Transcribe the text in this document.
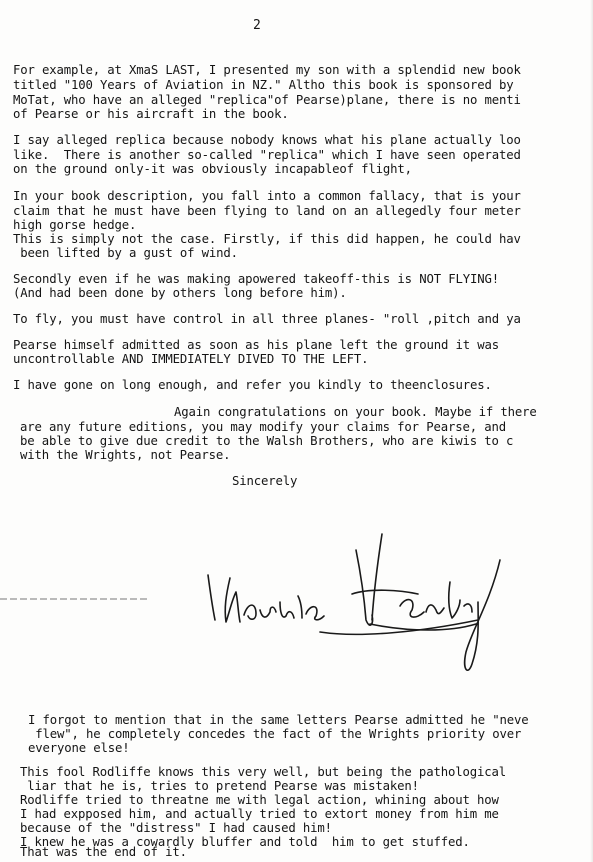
2
For example, at XmaS LAST, I presented my son with a splendid new book
titled "100 Years of Aviation in NZ." Altho this book is sponsored by
MoTat, who have an alleged "replica"of Pearse)plane, there is no menti
of Pearse or his aircraft in the book.
I say alleged replica because nobody knows what his plane actually loo
like.  There is another so-called "replica" which I have seen operated
on the ground only-it was obviously incapableof flight,
In your book description, you fall into a common fallacy, that is your
claim that he must have been flying to land on an allegedly four meter
high gorse hedge.
This is simply not the case. Firstly, if this did happen, he could hav
been lifted by a gust of wind.
Secondly even if he was making apowered takeoff-this is NOT FLYING!
(And had been done by others long before him).
To fly, you must have control in all three planes- "roll ,pitch and ya
Pearse himself admitted as soon as his plane left the ground it was
uncontrollable AND IMMEDIATELY DIVED TO THE LEFT.
I have gone on long enough, and refer you kindly to theenclosures.
Again congratulations on your book. Maybe if there
are any future editions, you may modify your claims for Pearse, and
be able to give due credit to the Walsh Brothers, who are kiwis to c
with the Wrights, not Pearse.
Sincerely
Maurice Hendry
I forgot to mention that in the same letters Pearse admitted he "neve
flew", he completely concedes the fact of the Wrights priority over
everyone else!
This fool Rodliffe knows this very well, but being the pathological
liar that he is, tries to pretend Pearse was mistaken!
Rodliffe tried to threatne me with legal action, whining about how
I had expposed him, and actually tried to extort money from him me
because of the "distress" I had caused him!
I knew he was a cowardly bluffer and told  him to get stuffed.
That was the end of it.
